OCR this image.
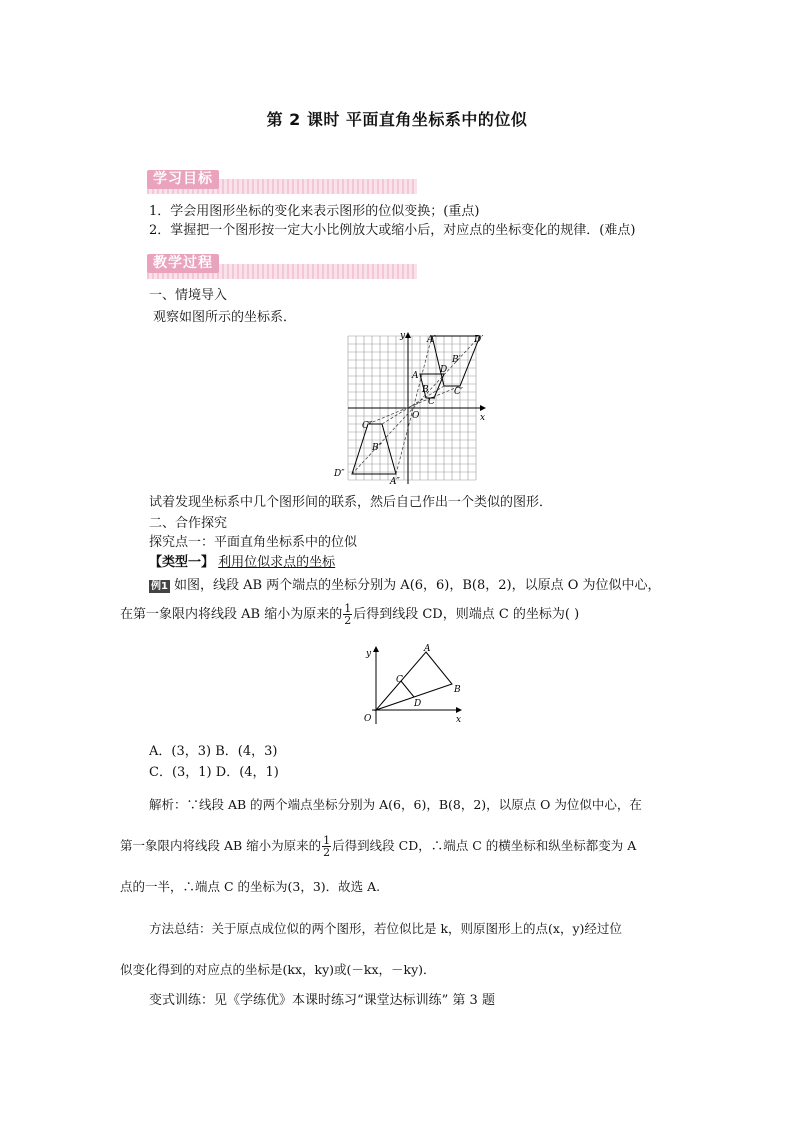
第 2 课时 平面直角坐标系中的位似
学习目标
1．学会用图形坐标的变化来表示图形的位似变换；(重点)
2．掌握把一个图形按一定大小比例放大或缩小后，对应点的坐标变化的规律．(难点)
教学过程
一、情境导入
观察如图所示的坐标系．
y
x
O
A′	D′
B′
C′
A
D
B
C
C″
B″
D″
A″
试着发现坐标系中几个图形间的联系，然后自己作出一个类似的图形．
二、合作探究
探究点一：平面直角坐标系中的位似
【类型一】 利用位似求点的坐标
例1 如图，线段 AB 两个端点的坐标分别为 A(6，6)，B(8，2)，以原点 O 为位似中心，
在第一象限内将线段 AB 缩小为原来的 $\frac{1}{2}$ 后得到线段 CD，则端点 C 的坐标为( )
y
x
O
A
B
C
D
A．(3，3) B．(4，3)
C．(3，1) D．(4，1)
解析：∵线段 AB 的两个端点坐标分别为 A(6，6)，B(8，2)，以原点 O 为位似中心，在
第一象限内将线段 AB 缩小为原来的 $\frac{1}{2}$ 后得到线段 CD，∴端点 C 的横坐标和纵坐标都变为 A
点的一半，∴端点 C 的坐标为(3，3)．故选 A.
方法总结：关于原点成位似的两个图形，若位似比是 k，则原图形上的点(x，y)经过位
似变化得到的对应点的坐标是(kx，ky)或(－kx，－ky)．
变式训练：见《学练优》本课时练习“课堂达标训练” 第 3 题
